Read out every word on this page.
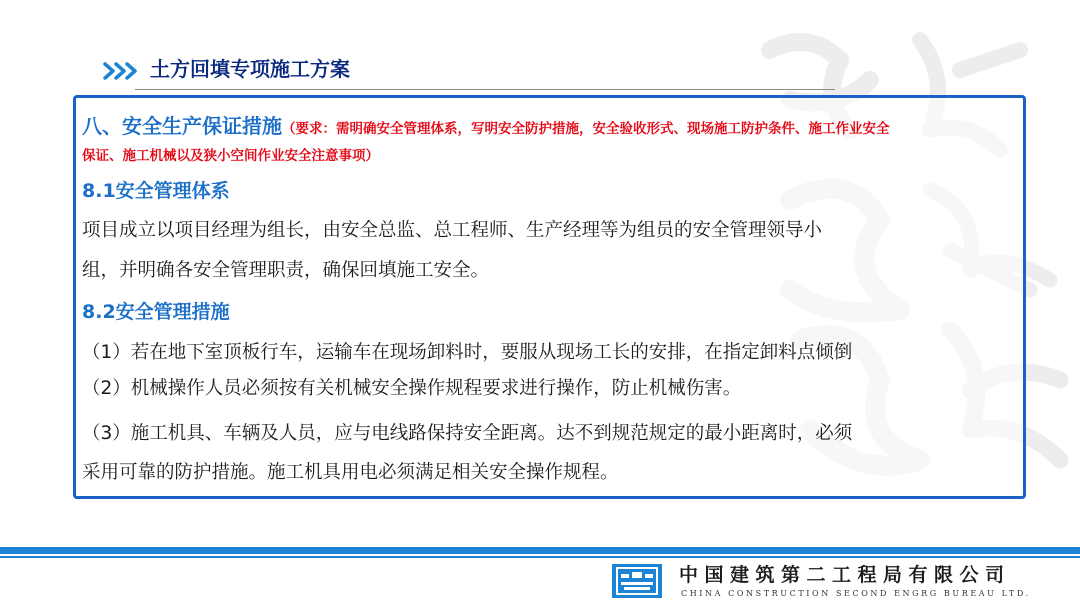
土方回填专项施工方案
八、安全生产保证措施（要求：需明确安全管理体系，写明安全防护措施，安全验收形式、现场施工防护条件、施工作业安全
保证、施工机械以及狭小空间作业安全注意事项）
8.1安全管理体系
项目成立以项目经理为组长，由安全总监、总工程师、生产经理等为组员的安全管理领导小
组，并明确各安全管理职责，确保回填施工安全。
8.2安全管理措施
（1）若在地下室顶板行车，运输车在现场卸料时，要服从现场工长的安排，在指定卸料点倾倒
（2）机械操作人员必须按有关机械安全操作规程要求进行操作，防止机械伤害。
（3）施工机具、车辆及人员，应与电线路保持安全距离。达不到规范规定的最小距离时，必须
采用可靠的防护措施。施工机具用电必须满足相关安全操作规程。
中国建筑第二工程局有限公司
CHINA CONSTRUCTION SECOND ENGRG BUREAU LTD.
